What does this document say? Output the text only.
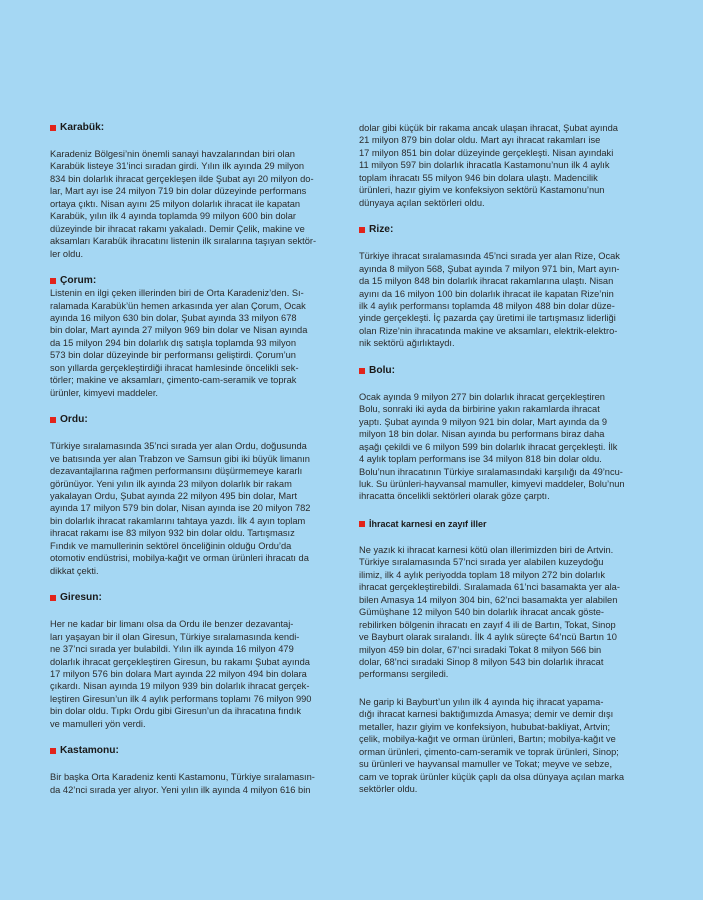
Karabük:

Karadeniz Bölgesi’nin önemli sanayi havzalarından biri olan
Karabük listeye 31’inci sıradan girdi. Yılın ilk ayında 29 milyon
834 bin dolarlık ihracat gerçekleşen ilde Şubat ayı 20 milyon do-
lar, Mart ayı ise 24 milyon 719 bin dolar düzeyinde performans
ortaya çıktı. Nisan ayını 25 milyon dolarlık ihracat ile kapatan
Karabük, yılın ilk 4 ayında toplamda 99 milyon 600 bin dolar
düzeyinde bir ihracat rakamı yakaladı. Demir Çelik, makine ve
aksamları Karabük ihracatını listenin ilk sıralarına taşıyan sektör-
ler oldu.

Çorum:

Listenin en ilgi çeken illerinden biri de Orta Karadeniz’den. Sı-
ralamada Karabük’ün hemen arkasında yer alan Çorum, Ocak
ayında 16 milyon 630 bin dolar, Şubat ayında 33 milyon 678
bin dolar, Mart ayında 27 milyon 969 bin dolar ve Nisan ayında
da 15 milyon 294 bin dolarlık dış satışla toplamda 93 milyon
573 bin dolar düzeyinde bir performansı geliştirdi. Çorum’un
son yıllarda gerçekleştirdiği ihracat hamlesinde öncelikli sek-
törler; makine ve aksamları, çimento-cam-seramik ve toprak
ürünler, kimyevi maddeler.

Ordu:

Türkiye sıralamasında 35’nci sırada yer alan Ordu, doğusunda
ve batısında yer alan Trabzon ve Samsun gibi iki büyük limanın
dezavantajlarına rağmen performansını düşürmemeye kararlı
görünüyor. Yeni yılın ilk ayında 23 milyon dolarlık bir rakam
yakalayan Ordu, Şubat ayında 22 milyon 495 bin dolar, Mart
ayında 17 milyon 579 bin dolar, Nisan ayında ise 20 milyon 782
bin dolarlık ihracat rakamlarını tahtaya yazdı. İlk 4 ayın toplam
ihracat rakamı ise 83 milyon 932 bin dolar oldu. Tartışmasız
Fındık ve mamullerinin sektörel önceliğinin olduğu Ordu’da
otomotiv endüstrisi, mobilya-kağıt ve orman ürünleri ihracatı da
dikkat çekti.

Giresun:

Her ne kadar bir limanı olsa da Ordu ile benzer dezavantaj-
ları yaşayan bir il olan Giresun, Türkiye sıralamasında kendi-
ne 37’nci sırada yer bulabildi. Yılın ilk ayında 16 milyon 479
dolarlık ihracat gerçekleştiren Giresun, bu rakamı Şubat ayında
17 milyon 576 bin dolara Mart ayında 22 milyon 494 bin dolara
çıkardı. Nisan ayında 19 milyon 939 bin dolarlık ihracat gerçek-
leştiren Giresun’un ilk 4 aylık performans toplamı 76 milyon 990
bin dolar oldu. Tıpkı Ordu gibi Giresun’un da ihracatına fındık
ve mamulleri yön verdi.

Kastamonu:

Bir başka Orta Karadeniz kenti Kastamonu, Türkiye sıralamasın-
da 42’nci sırada yer alıyor. Yeni yılın ilk ayında 4 milyon 616 bin

dolar gibi küçük bir rakama ancak ulaşan ihracat, Şubat ayında
21 milyon 879 bin dolar oldu. Mart ayı ihracat rakamları ise
17 milyon 851 bin dolar düzeyinde gerçekleşti. Nisan ayındaki
11 milyon 597 bin dolarlık ihracatla Kastamonu’nun ilk 4 aylık
toplam ihracatı 55 milyon 946 bin dolara ulaştı. Madencilik
ürünleri, hazır giyim ve konfeksiyon sektörü Kastamonu’nun
dünyaya açılan sektörleri oldu.

Rize:

Türkiye ihracat sıralamasında 45’nci sırada yer alan Rize, Ocak
ayında 8 milyon 568, Şubat ayında 7 milyon 971 bin, Mart ayın-
da 15 milyon 848 bin dolarlık ihracat rakamlarına ulaştı. Nisan
ayını da 16 milyon 100 bin dolarlık ihracat ile kapatan Rize’nin
ilk 4 aylık performansı toplamda 48 milyon 488 bin dolar düze-
yinde gerçekleşti. İç pazarda çay üretimi ile tartışmasız liderliği
olan Rize’nin ihracatında makine ve aksamları, elektrik-elektro-
nik sektörü ağırlıktaydı.

Bolu:

Ocak ayında 9 milyon 277 bin dolarlık ihracat gerçekleştiren
Bolu, sonraki iki ayda da birbirine yakın rakamlarda ihracat
yaptı. Şubat ayında 9 milyon 921 bin dolar, Mart ayında da 9
milyon 18 bin dolar. Nisan ayında bu performans biraz daha
aşağı çekildi ve 6 milyon 599 bin dolarlık ihracat gerçekleşti. İlk
4 aylık toplam performans ise 34 milyon 818 bin dolar oldu.
Bolu’nun ihracatının Türkiye sıralamasındaki karşılığı da 49’ncu-
luk. Su ürünleri-hayvansal mamuller, kimyevi maddeler, Bolu’nun
ihracatta öncelikli sektörleri olarak göze çarptı.

İhracat karnesi en zayıf iller

Ne yazık ki ihracat karnesi kötü olan illerimizden biri de Artvin.
Türkiye sıralamasında 57’nci sırada yer alabilen kuzeydoğu
ilimiz, ilk 4 aylık periyodda toplam 18 milyon 272 bin dolarlık
ihracat gerçekleştirebildi. Sıralamada 61’nci basamakta yer ala-
bilen Amasya 14 milyon 304 bin, 62’nci basamakta yer alabilen
Gümüşhane 12 milyon 540 bin dolarlık ihracat ancak göste-
rebilirken bölgenin ihracatı en zayıf 4 ili de Bartın, Tokat, Sinop
ve Bayburt olarak sıralandı. İlk 4 aylık süreçte 64’ncü Bartın 10
milyon 459 bin dolar, 67’nci sıradaki Tokat 8 milyon 566 bin
dolar, 68’nci sıradaki Sinop 8 milyon 543 bin dolarlık ihracat
performansı sergiledi.

Ne garip ki Bayburt’un yılın ilk 4 ayında hiç ihracat yapama-
dığı ihracat karnesi baktığımızda Amasya; demir ve demir dışı
metaller, hazır giyim ve konfeksiyon, hububat-bakliyat, Artvin;
çelik, mobilya-kağıt ve orman ürünleri, Bartın; mobilya-kağıt ve
orman ürünleri, çimento-cam-seramik ve toprak ürünleri, Sinop;
su ürünleri ve hayvansal mamuller ve Tokat; meyve ve sebze,
cam ve toprak ürünler küçük çaplı da olsa dünyaya açılan marka
sektörler oldu.
